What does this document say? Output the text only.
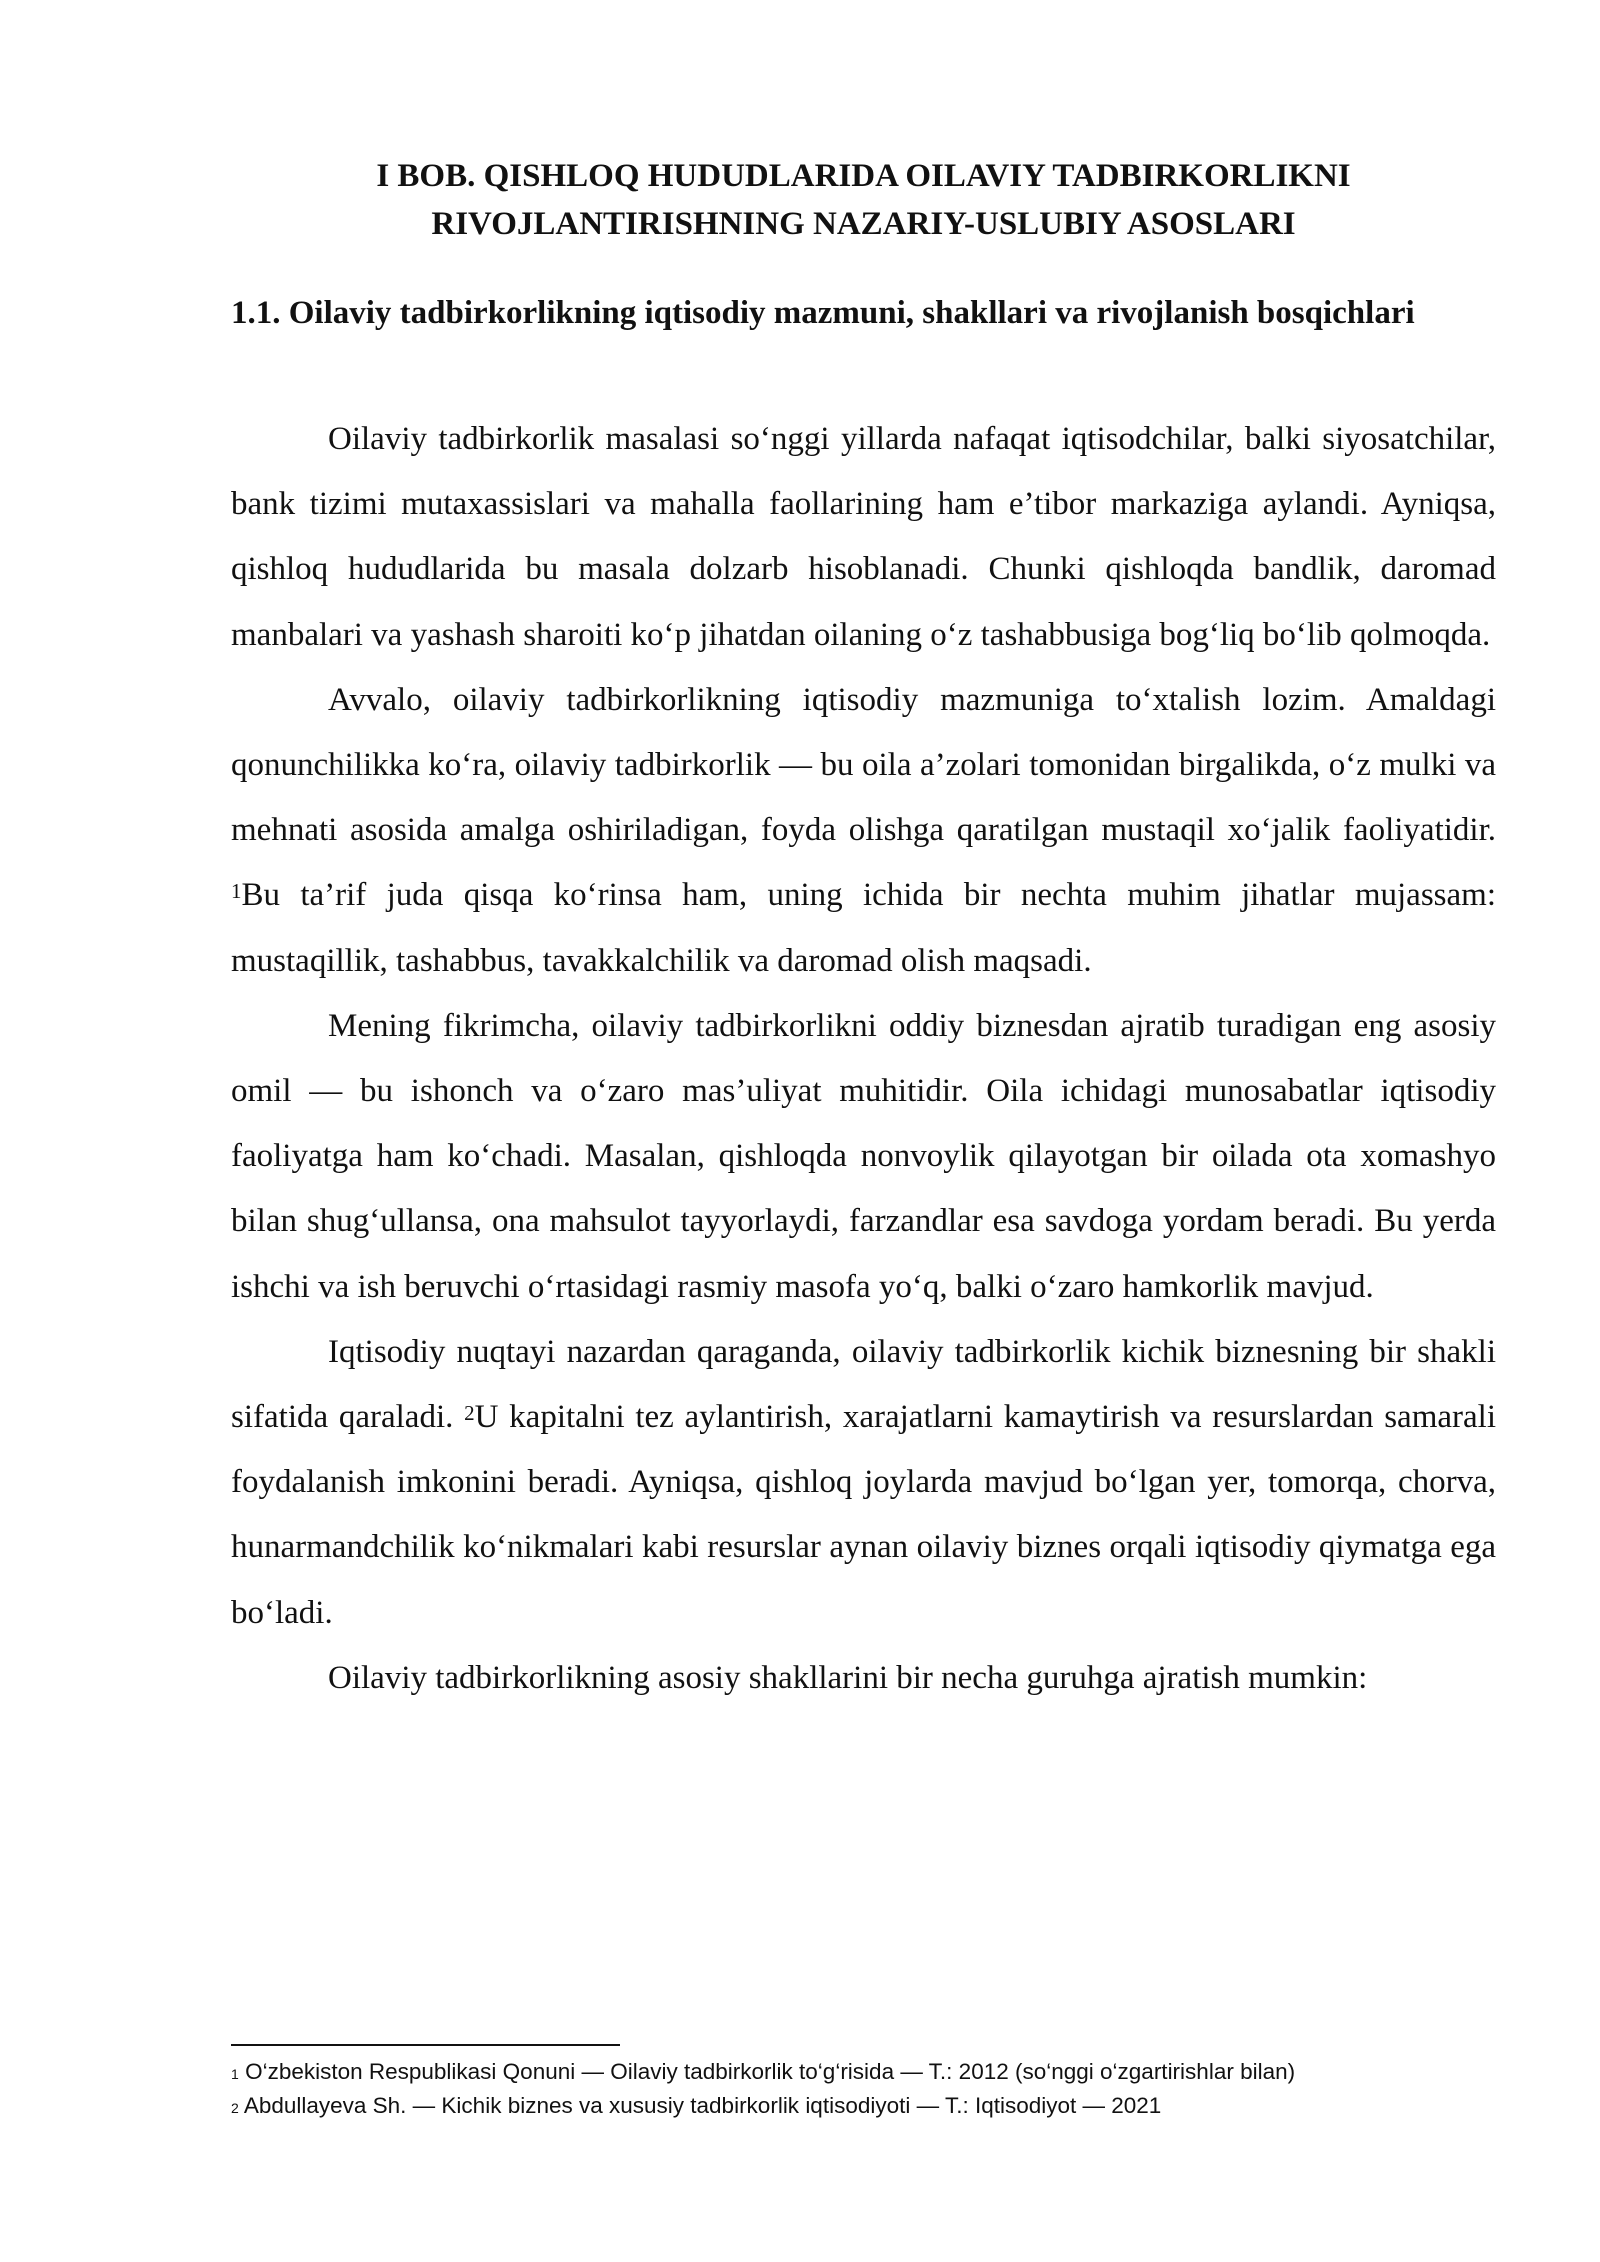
I BOB. QISHLOQ HUDUDLARIDA OILAVIY TADBIRKORLIKNI
RIVOJLANTIRISHNING NAZARIY-USLUBIY ASOSLARI
1.1. Oilaviy tadbirkorlikning iqtisodiy mazmuni, shakllari va rivojlanish bosqichlari

Oilaviy tadbirkorlik masalasi so‘nggi yillarda nafaqat iqtisodchilar, balki siyosatchilar, bank tizimi mutaxassislari va mahalla faollarining ham e’tibor markaziga aylandi. Ayniqsa, qishloq hududlarida bu masala dolzarb hisoblanadi. Chunki qishloqda bandlik, daromad manbalari va yashash sharoiti ko‘p jihatdan oilaning o‘z tashabbusiga bog‘liq bo‘lib qolmoqda.

Avvalo, oilaviy tadbirkorlikning iqtisodiy mazmuniga to‘xtalish lozim. Amaldagi qonunchilikka ko‘ra, oilaviy tadbirkorlik — bu oila a’zolari tomonidan birgalikda, o‘z mulki va mehnati asosida amalga oshiriladigan, foyda olishga qaratilgan mustaqil xo‘jalik faoliyatidir. $^1$Bu ta’rif juda qisqa ko‘rinsa ham, uning ichida bir nechta muhim jihatlar mujassam: mustaqillik, tashabbus, tavakkalchilik va daromad olish maqsadi.

Mening fikrimcha, oilaviy tadbirkorlikni oddiy biznesdan ajratib turadigan eng asosiy omil — bu ishonch va o‘zaro mas’uliyat muhitidir. Oila ichidagi munosabatlar iqtisodiy faoliyatga ham ko‘chadi. Masalan, qishloqda nonvoylik qilayotgan bir oilada ota xomashyo bilan shug‘ullansa, ona mahsulot tayyorlaydi, farzandlar esa savdoga yordam beradi. Bu yerda ishchi va ish beruvchi o‘rtasidagi rasmiy masofa yo‘q, balki o‘zaro hamkorlik mavjud.

Iqtisodiy nuqtayi nazardan qaraganda, oilaviy tadbirkorlik kichik biznesning bir shakli sifatida qaraladi. $^2$U kapitalni tez aylantirish, xarajatlarni kamaytirish va resurslardan samarali foydalanish imkonini beradi. Ayniqsa, qishloq joylarda mavjud bo‘lgan yer, tomorqa, chorva, hunarmandchilik ko‘nikmalari kabi resurslar aynan oilaviy biznes orqali iqtisodiy qiymatga ega bo‘ladi.

Oilaviy tadbirkorlikning asosiy shakllarini bir necha guruhga ajratish mumkin:

$^1$ O‘zbekiston Respublikasi Qonuni — Oilaviy tadbirkorlik to‘g‘risida — T.: 2012 (so‘nggi o‘zgartirishlar bilan)
$^2$ Abdullayeva Sh. — Kichik biznes va xususiy tadbirkorlik iqtisodiyoti — T.: Iqtisodiyot — 2021
